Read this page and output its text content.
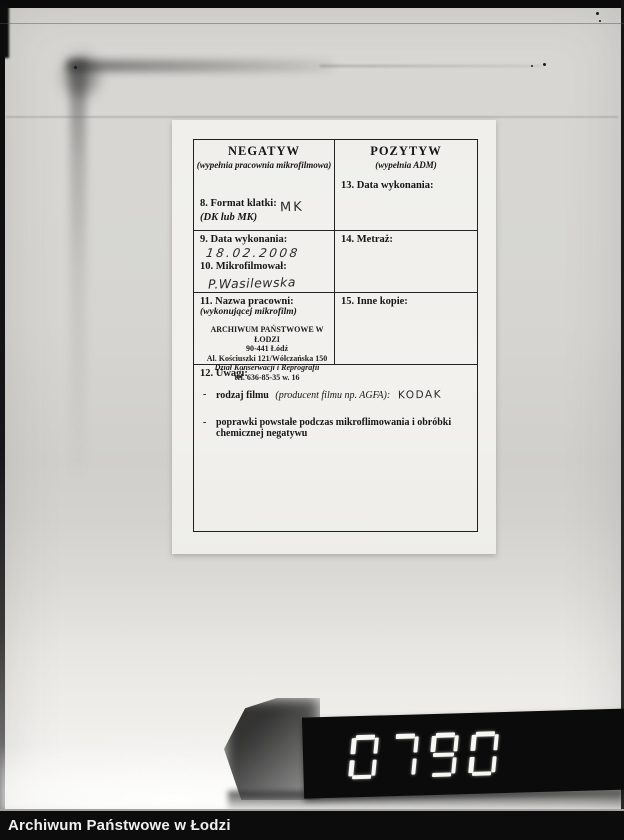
NEGATYW
(wypełnia pracownia mikrofilmowa)
8. Format klatki: MK
(DK lub MK)
POZYTYW
(wypełnia ADM)
13. Data wykonania:
9. Data wykonania:
18.02.2008
10. Mikrofilmował:
P.Wasilewska
14. Metraż:
11. Nazwa pracowni:
(wykonującej mikrofilm)
ARCHIWUM PAŃSTWOWE W ŁODZI
90-441 Łódź
Al. Kościuszki 121/Wólczańska 150
Dział Konserwacji i Reprografii
tel. 636-85-35 w. 16
15. Inne kopie:
12. Uwagi:
- rodzaj filmu (producent filmu np. AGFA): KODAK
- poprawki powstałe podczas mikroflimowania i obróbki chemicznej negatywu
Archiwum Państwowe w Łodzi
